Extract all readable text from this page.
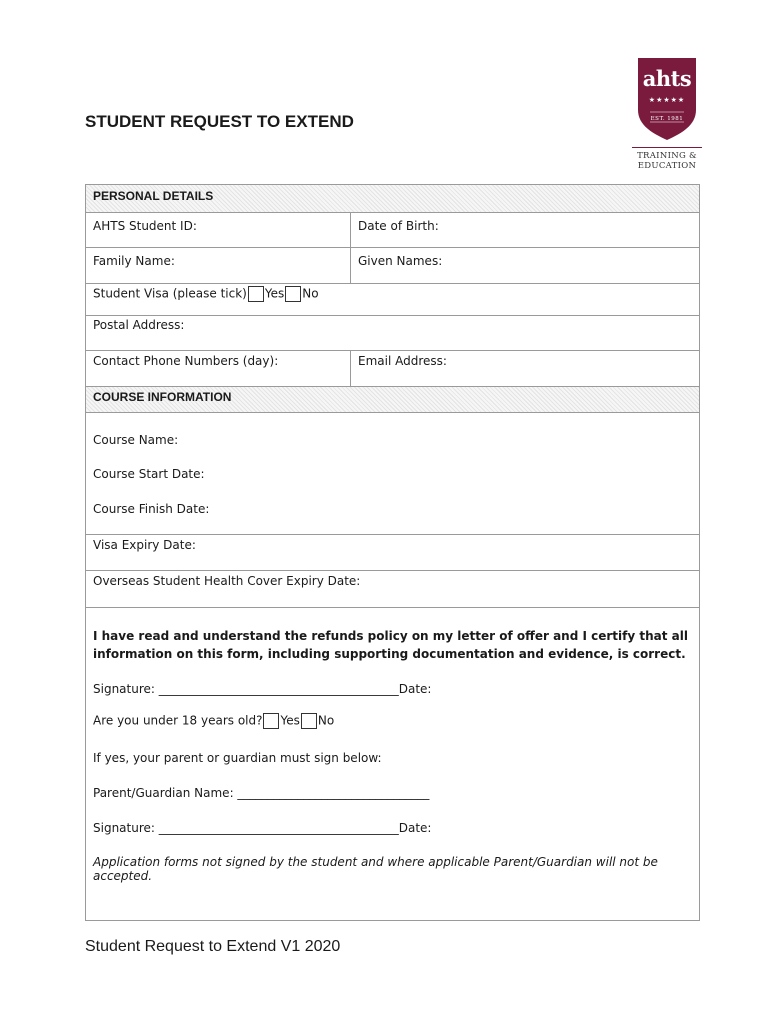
STUDENT REQUEST TO EXTEND
ahts
★★★★★
EST. 1981
TRAINING &
EDUCATION
PERSONAL DETAILS
AHTS Student ID:	Date of Birth:
Family Name:	Given Names:
Student Visa (please tick) Yes No
Postal Address:
Contact Phone Numbers (day):	Email Address:
COURSE INFORMATION
Course Name:
Course Start Date:
Course Finish Date:
Visa Expiry Date:
Overseas Student Health Cover Expiry Date:
I have read and understand the refunds policy on my letter of offer and I certify that all information on this form, including supporting documentation and evidence, is correct.
Signature: ________________________________________Date:
Are you under 18 years old? Yes No
If yes, your parent or guardian must sign below:
Parent/Guardian Name: ________________________________
Signature: ________________________________________Date:
Application forms not signed by the student and where applicable Parent/Guardian will not be accepted.
Student Request to Extend V1 2020
